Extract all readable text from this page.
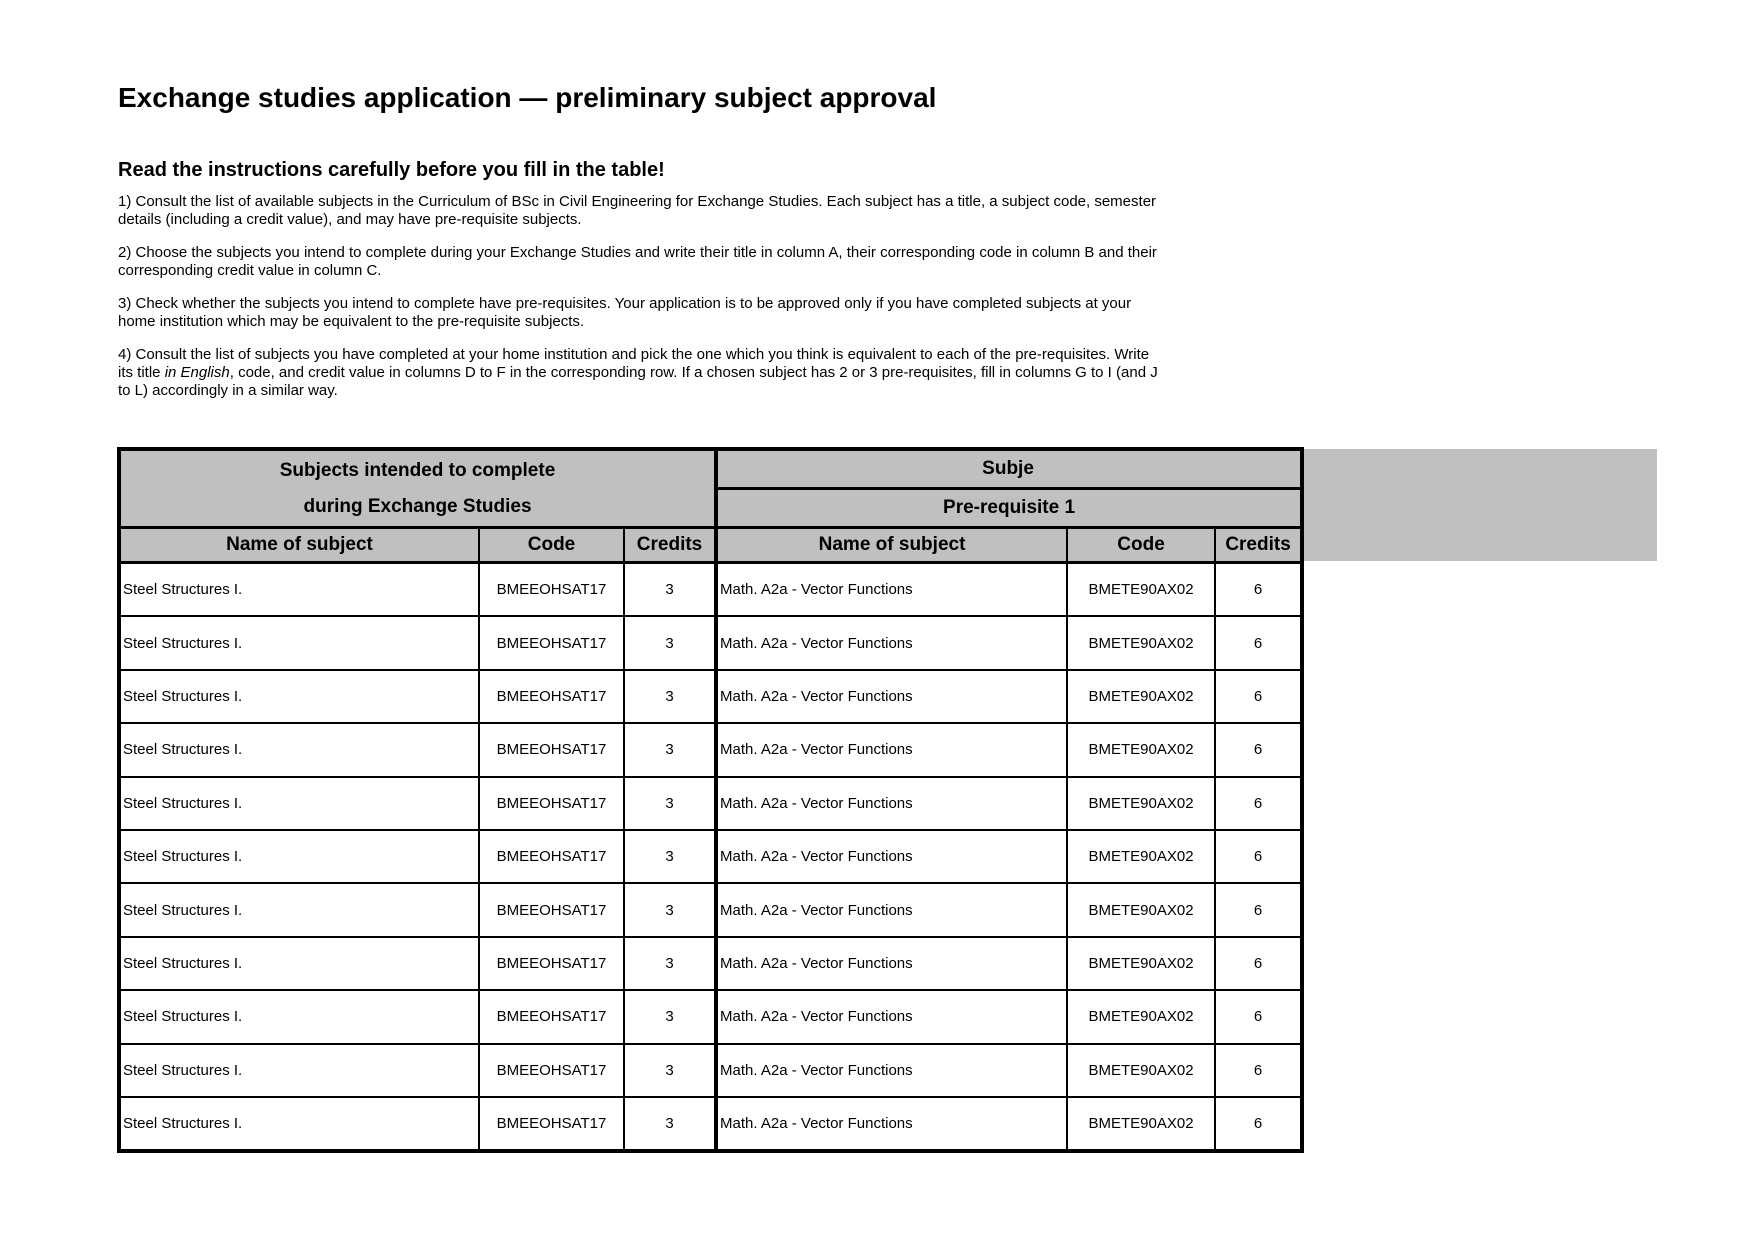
Exchange studies application — preliminary subject approval
Read the instructions carefully before you fill in the table!

1) Consult the list of available subjects in the Curriculum of BSc in Civil Engineering for Exchange Studies. Each subject has a title, a subject code, semester details (including a credit value), and may have pre-requisite subjects.

2) Choose the subjects you intend to complete during your Exchange Studies and write their title in column A, their corresponding code in column B and their corresponding credit value in column C.

3) Check whether the subjects you intend to complete have pre-requisites. Your application is to be approved only if you have completed subjects at your home institution which may be equivalent to the pre-requisite subjects.

4) Consult the list of subjects you have completed at your home institution and pick the one which you think is equivalent to each of the pre-requisites. Write its title in English, code, and credit value in columns D to F in the corresponding row. If a chosen subject has 2 or 3 pre-requisites, fill in columns G to I (and J to L) accordingly in a similar way.

Subjects intended to complete
during Exchange Studies			Subje		
			Pre-requisite 1		
Name of subject	Code	Credits	Name of subject	Code	Credits
Steel Structures I.	BMEEOHSAT17	3	Math. A2a - Vector Functions	BMETE90AX02	6
Steel Structures I.	BMEEOHSAT17	3	Math. A2a - Vector Functions	BMETE90AX02	6
Steel Structures I.	BMEEOHSAT17	3	Math. A2a - Vector Functions	BMETE90AX02	6
Steel Structures I.	BMEEOHSAT17	3	Math. A2a - Vector Functions	BMETE90AX02	6
Steel Structures I.	BMEEOHSAT17	3	Math. A2a - Vector Functions	BMETE90AX02	6
Steel Structures I.	BMEEOHSAT17	3	Math. A2a - Vector Functions	BMETE90AX02	6
Steel Structures I.	BMEEOHSAT17	3	Math. A2a - Vector Functions	BMETE90AX02	6
Steel Structures I.	BMEEOHSAT17	3	Math. A2a - Vector Functions	BMETE90AX02	6
Steel Structures I.	BMEEOHSAT17	3	Math. A2a - Vector Functions	BMETE90AX02	6
Steel Structures I.	BMEEOHSAT17	3	Math. A2a - Vector Functions	BMETE90AX02	6
Steel Structures I.	BMEEOHSAT17	3	Math. A2a - Vector Functions	BMETE90AX02	6
